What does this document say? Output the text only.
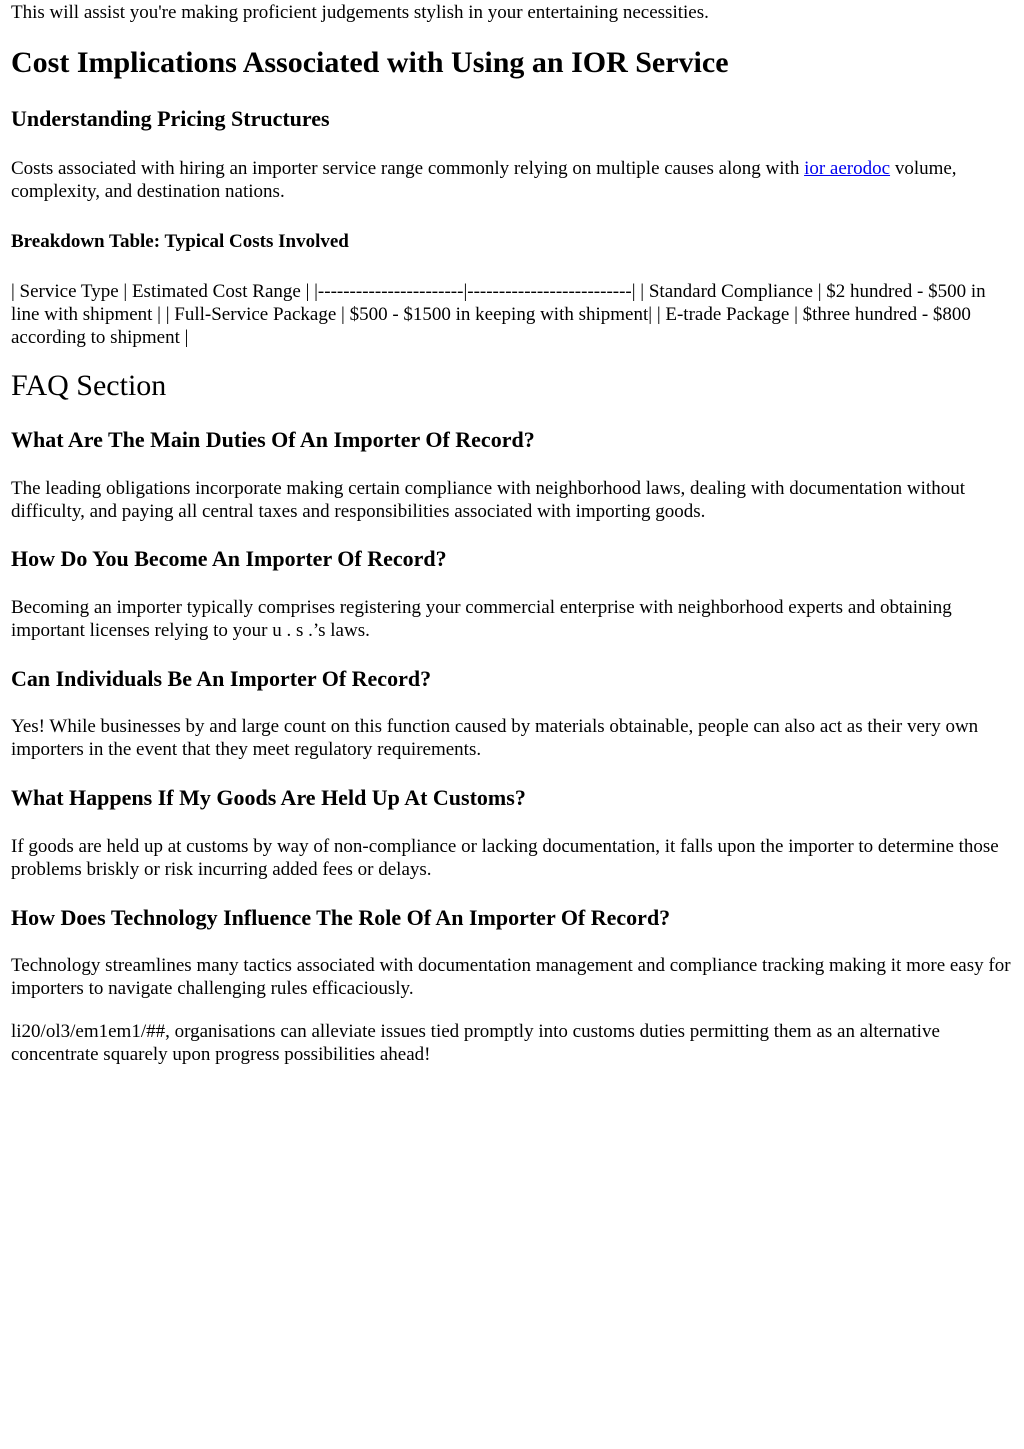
This will assist you're making proficient judgements stylish in your entertaining necessities.

Cost Implications Associated with Using an IOR Service
Understanding Pricing Structures

Costs associated with hiring an importer service range commonly relying on multiple causes along with ior aerodoc volume, complexity, and destination nations.

Breakdown Table: Typical Costs Involved

| Service Type | Estimated Cost Range | |-----------------------|--------------------------| | Standard Compliance | $2 hundred - $500 in line with shipment | | Full-Service Package | $500 - $1500 in keeping with shipment| | E-trade Package | $three hundred - $800 according to shipment |

FAQ Section
What Are The Main Duties Of An Importer Of Record?

The leading obligations incorporate making certain compliance with neighborhood laws, dealing with documentation without difficulty, and paying all central taxes and responsibilities associated with importing goods.

How Do You Become An Importer Of Record?

Becoming an importer typically comprises registering your commercial enterprise with neighborhood experts and obtaining important licenses relying to your u . s .’s laws.

Can Individuals Be An Importer Of Record?

Yes! While businesses by and large count on this function caused by materials obtainable, people can also act as their very own importers in the event that they meet regulatory requirements.

What Happens If My Goods Are Held Up At Customs?

If goods are held up at customs by way of non-compliance or lacking documentation, it falls upon the importer to determine those problems briskly or risk incurring added fees or delays.

How Does Technology Influence The Role Of An Importer Of Record?

Technology streamlines many tactics associated with documentation management and compliance tracking making it more easy for importers to navigate challenging rules efficaciously.

li20/ol3/em1em1/##, organisations can alleviate issues tied promptly into customs duties permitting them as an alternative concentrate squarely upon progress possibilities ahead!
